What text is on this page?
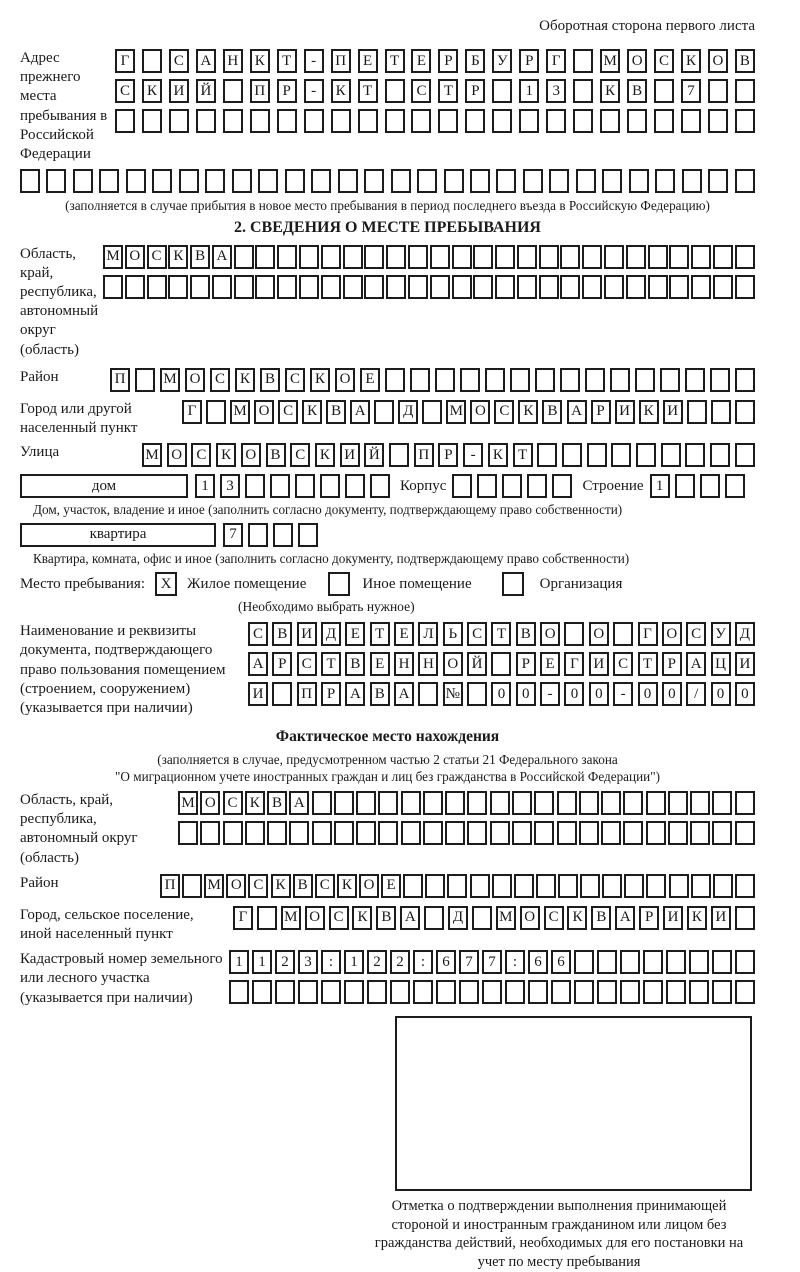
Оборотная сторона первого листа
Адрес прежнего места пребывания в Российской Федерации
Г	С	А	Н	К	Т	-	П	Е	Т	Е	Р	Б	У	Р	Г	М О	С	К	О	В
С	К	И	Й	П	Р	-	К	Т	С	Т	Р	1	3	К	В	7
(заполняется в случае прибытия в новое место пребывания в период последнего въезда в Российскую Федерацию)
2. СВЕДЕНИЯ О МЕСТЕ ПРЕБЫВАНИЯ
Область, край, республика, автономный округ (область)
М О С К В А
Район	П	М О С К В С К О Е
Город или другой населенный пункт
Г	М О С К В А	Д	М О С К В А Р И К И
Улица	М О С К О В С К И Й	П	Р	-	К	Т
дом	1	3	Корпус	Строение 1
Дом, участок, владение и иное (заполнить согласно документу, подтверждающему право собственности)
квартира	7
Квартира, комната, офис и иное (заполнить согласно документу, подтверждающему право собственности)
Место пребывания:	X	Жилое помещение	Иное помещение	Организация
(Необходимо выбрать нужное)
Наименование и реквизиты документа, подтверждающего право пользования помещением (строением, сооружением) (указывается при наличии)
С В И Д Е	Т	Е Л Ь	С Т В О	О	Г О С У Д
А Р	С Т В Е Н Н О Й	Р	Е	Г И С Т	Р А Ц И
И	П Р А В А	№	0	0	-	0	0	-	0	0	/	0	0
Фактическое место нахождения
(заполняется в случае, предусмотренном частью 2 статьи 21 Федерального закона
"О миграционном учете иностранных граждан и лиц без гражданства в Российской Федерации")
Область, край, республика, автономный округ (область)
М О С К В А
Район	П	М О С К В С К О Е
Город, сельское поселение, иной населенный пункт
Г	М О С К В А	Д	М О С К В А Р И К И
Кадастровый номер земельного или лесного участка (указывается при наличии)
1	1	2	3	:	1	2	2	:	6	7	7	:	6	6
Отметка о подтверждении выполнения принимающей стороной и иностранным гражданином или лицом без гражданства действий, необходимых для его постановки на учет по месту пребывания
